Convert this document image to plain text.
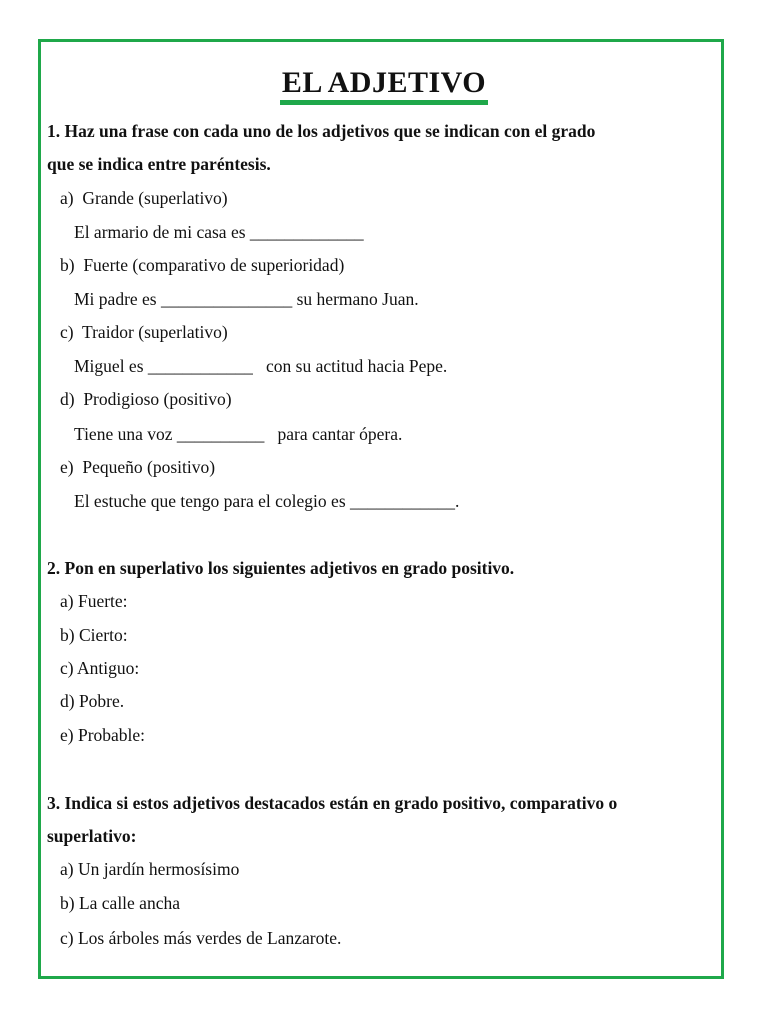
EL ADJETIVO
1. Haz una frase con cada uno de los adjetivos que se indican con el grado
que se indica entre paréntesis.
a)  Grande (superlativo)
El armario de mi casa es _____________
b)  Fuerte (comparativo de superioridad)
Mi padre es _______________ su hermano Juan.
c)  Traidor (superlativo)
Miguel es ____________   con su actitud hacia Pepe.
d)  Prodigioso (positivo)
Tiene una voz __________   para cantar ópera.
e)  Pequeño (positivo)
El estuche que tengo para el colegio es ____________.
2. Pon en superlativo los siguientes adjetivos en grado positivo.
a) Fuerte:
b) Cierto:
c) Antiguo:
d) Pobre.
e) Probable:
3. Indica si estos adjetivos destacados están en grado positivo, comparativo o
superlativo:
a) Un jardín hermosísimo
b) La calle ancha
c) Los árboles más verdes de Lanzarote.
